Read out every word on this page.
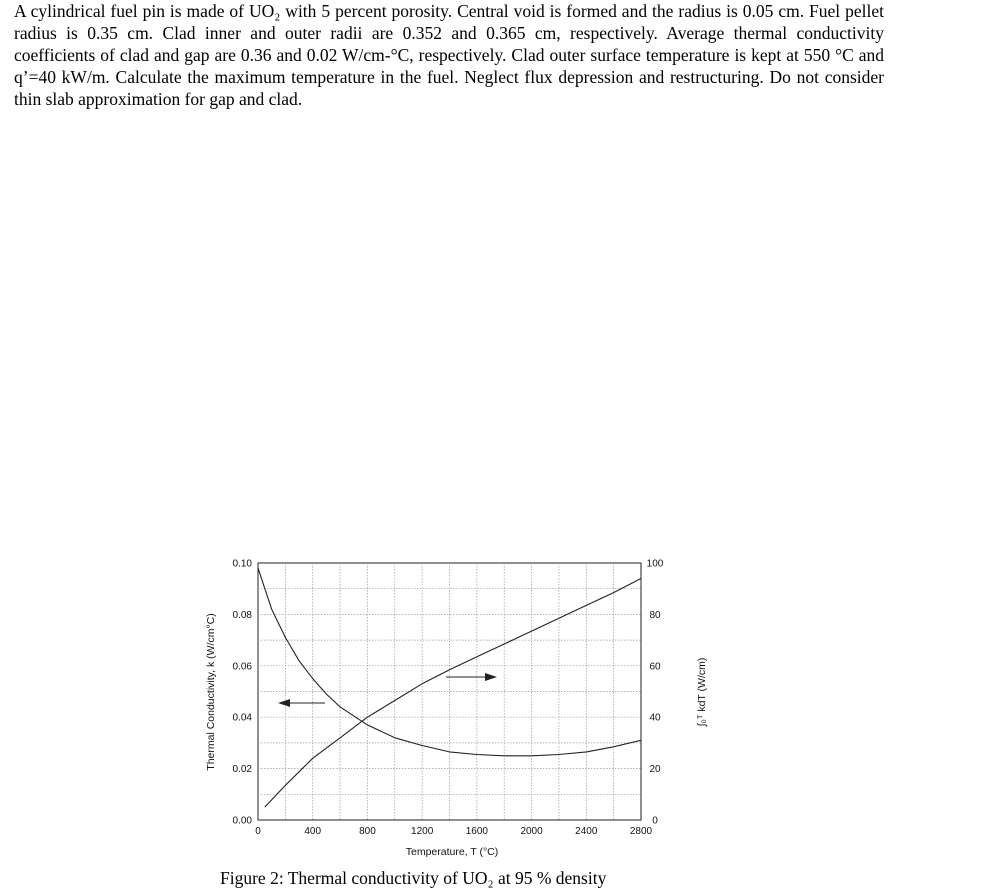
A cylindrical fuel pin is made of UO₂ with 5 percent porosity. Central void is formed and the radius is 0.05 cm. Fuel pellet radius is 0.35 cm. Clad inner and outer radii are 0.352 and 0.365 cm, respectively. Average thermal conductivity coefficients of clad and gap are 0.36 and 0.02 W/cm-°C, respectively. Clad outer surface temperature is kept at 550 °C and q’=40 kW/m. Calculate the maximum temperature in the fuel. Neglect flux depression and restructuring. Do not consider thin slab approximation for gap and clad.
0	400	800	1200	1600	2000	2400	2800
0.00
0.02
0.04
0.06
0.08
0.10
0
20
40
60
80
100
Temperature, T (°C)
Thermal Conductivity, k (W/cm°C)	∫₀ᵀ kdT (W/cm)
Figure 2: Thermal conductivity of UO₂ at 95 % density
